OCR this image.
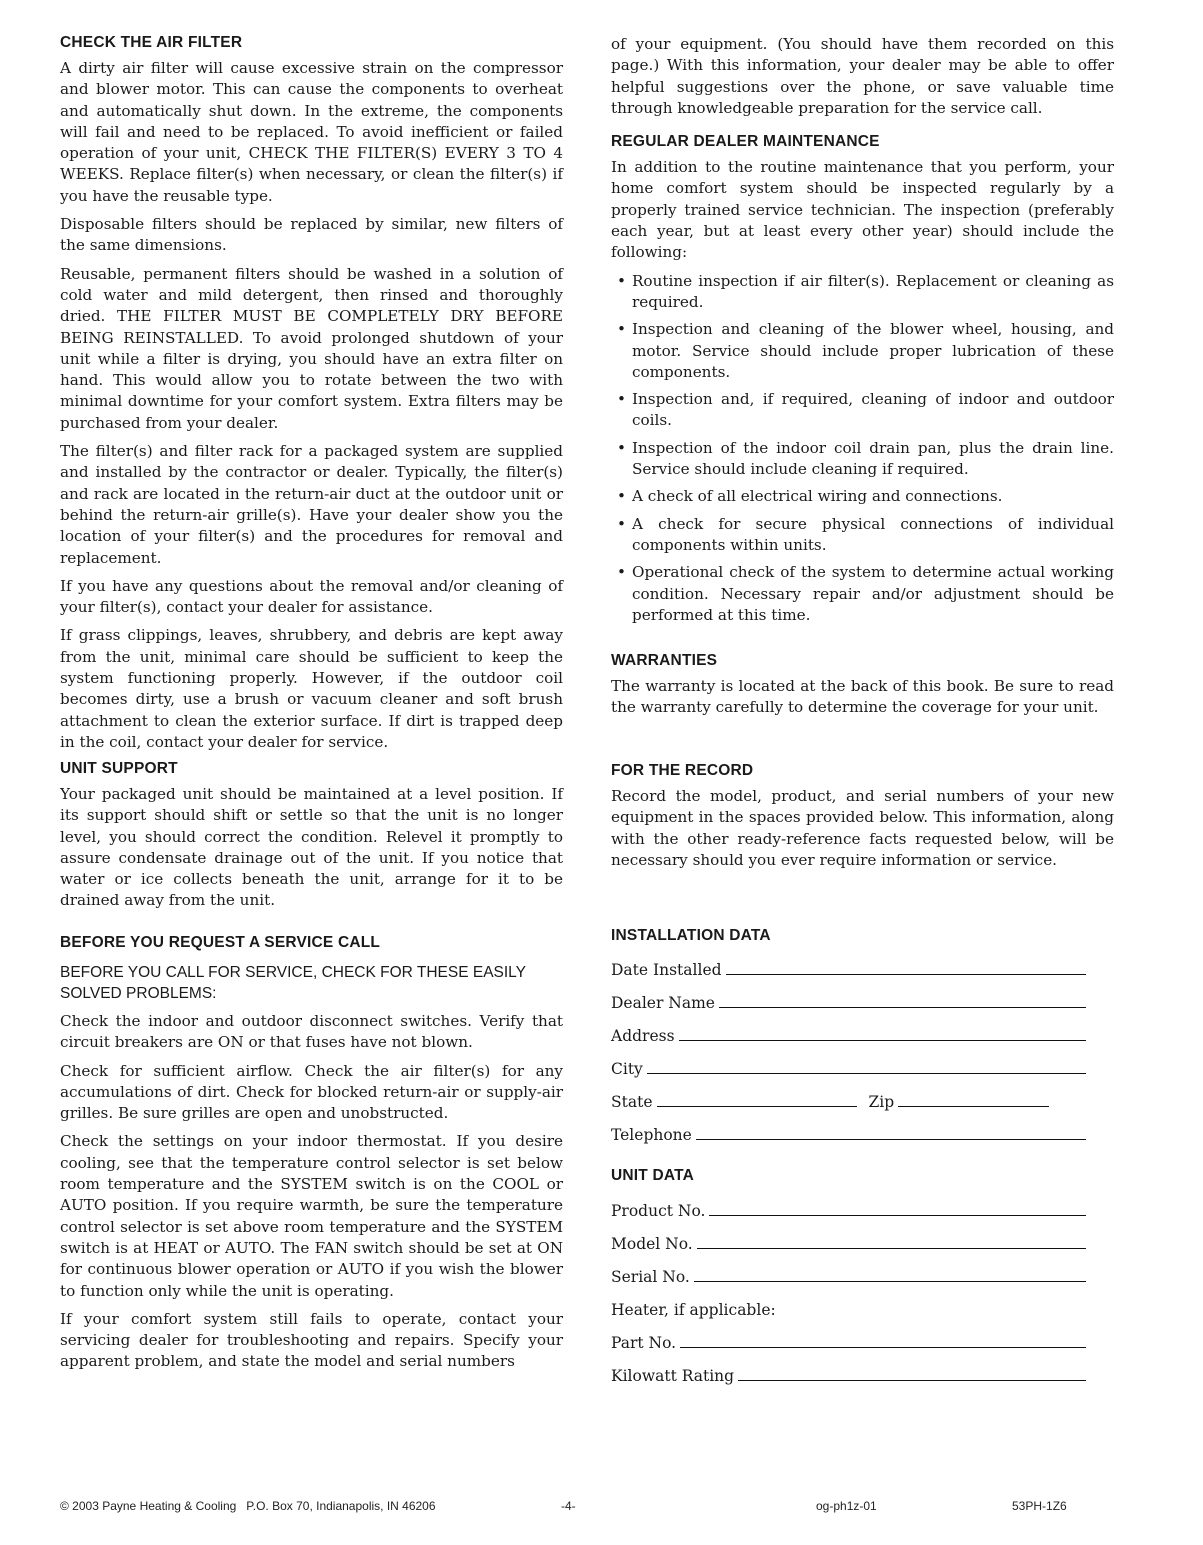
CHECK THE AIR FILTER

A dirty air filter will cause excessive strain on the compressor and blower motor. This can cause the components to overheat and automatically shut down. In the extreme, the components will fail and need to be replaced. To avoid inefficient or failed operation of your unit, CHECK THE FILTER(S) EVERY 3 TO 4 WEEKS. Replace filter(s) when necessary, or clean the filter(s) if you have the reusable type.

Disposable filters should be replaced by similar, new filters of the same dimensions.

Reusable, permanent filters should be washed in a solution of cold water and mild detergent, then rinsed and thoroughly dried. THE FILTER MUST BE COMPLETELY DRY BEFORE BEING REINSTALLED. To avoid prolonged shutdown of your unit while a filter is drying, you should have an extra filter on hand. This would allow you to rotate between the two with minimal downtime for your comfort system. Extra filters may be purchased from your dealer.

The filter(s) and filter rack for a packaged system are supplied and installed by the contractor or dealer. Typically, the filter(s) and rack are located in the return-air duct at the outdoor unit or behind the return-air grille(s). Have your dealer show you the location of your filter(s) and the procedures for removal and replacement.

If you have any questions about the removal and/or cleaning of your filter(s), contact your dealer for assistance.

If grass clippings, leaves, shrubbery, and debris are kept away from the unit, minimal care should be sufficient to keep the system functioning properly. However, if the outdoor coil becomes dirty, use a brush or vacuum cleaner and soft brush attachment to clean the exterior surface. If dirt is trapped deep in the coil, contact your dealer for service.

UNIT SUPPORT

Your packaged unit should be maintained at a level position. If its support should shift or settle so that the unit is no longer level, you should correct the condition. Relevel it promptly to assure condensate drainage out of the unit. If you notice that water or ice collects beneath the unit, arrange for it to be drained away from the unit.

BEFORE YOU REQUEST A SERVICE CALL
BEFORE YOU CALL FOR SERVICE, CHECK FOR THESE EASILY SOLVED PROBLEMS:

Check the indoor and outdoor disconnect switches. Verify that circuit breakers are ON or that fuses have not blown.

Check for sufficient airflow. Check the air filter(s) for any accumulations of dirt. Check for blocked return-air or supply-air grilles. Be sure grilles are open and unobstructed.

Check the settings on your indoor thermostat. If you desire cooling, see that the temperature control selector is set below room temperature and the SYSTEM switch is on the COOL or AUTO position. If you require warmth, be sure the temperature control selector is set above room temperature and the SYSTEM switch is at HEAT or AUTO. The FAN switch should be set at ON for continuous blower operation or AUTO if you wish the blower to function only while the unit is operating.

If your comfort system still fails to operate, contact your servicing dealer for troubleshooting and repairs. Specify your apparent problem, and state the model and serial numbers

of your equipment. (You should have them recorded on this page.) With this information, your dealer may be able to offer helpful suggestions over the phone, or save valuable time through knowledgeable preparation for the service call.

REGULAR DEALER MAINTENANCE

In addition to the routine maintenance that you perform, your home comfort system should be inspected regularly by a properly trained service technician. The inspection (preferably each year, but at least every other year) should include the following:

• Routine inspection if air filter(s). Replacement or cleaning as required.
• Inspection and cleaning of the blower wheel, housing, and motor. Service should include proper lubrication of these components.
• Inspection and, if required, cleaning of indoor and outdoor coils.
• Inspection of the indoor coil drain pan, plus the drain line. Service should include cleaning if required.
• A check of all electrical wiring and connections.
• A check for secure physical connections of individual components within units.
• Operational check of the system to determine actual working condition. Necessary repair and/or adjustment should be performed at this time.
WARRANTIES

The warranty is located at the back of this book. Be sure to read the warranty carefully to determine the coverage for your unit.

FOR THE RECORD

Record the model, product, and serial numbers of your new equipment in the spaces provided below. This information, along with the other ready-reference facts requested below, will be necessary should you ever require information or service.

INSTALLATION DATA
Date Installed
Dealer Name
Address
City
State	Zip
Telephone
UNIT DATA
Product No.
Model No.
Serial No.
Heater, if applicable:
Part No.
Kilowatt Rating
© 2003 Payne Heating & Cooling   P.O. Box 70, Indianapolis, IN 46206	-4-	og-ph1z-01	53PH-1Z6
